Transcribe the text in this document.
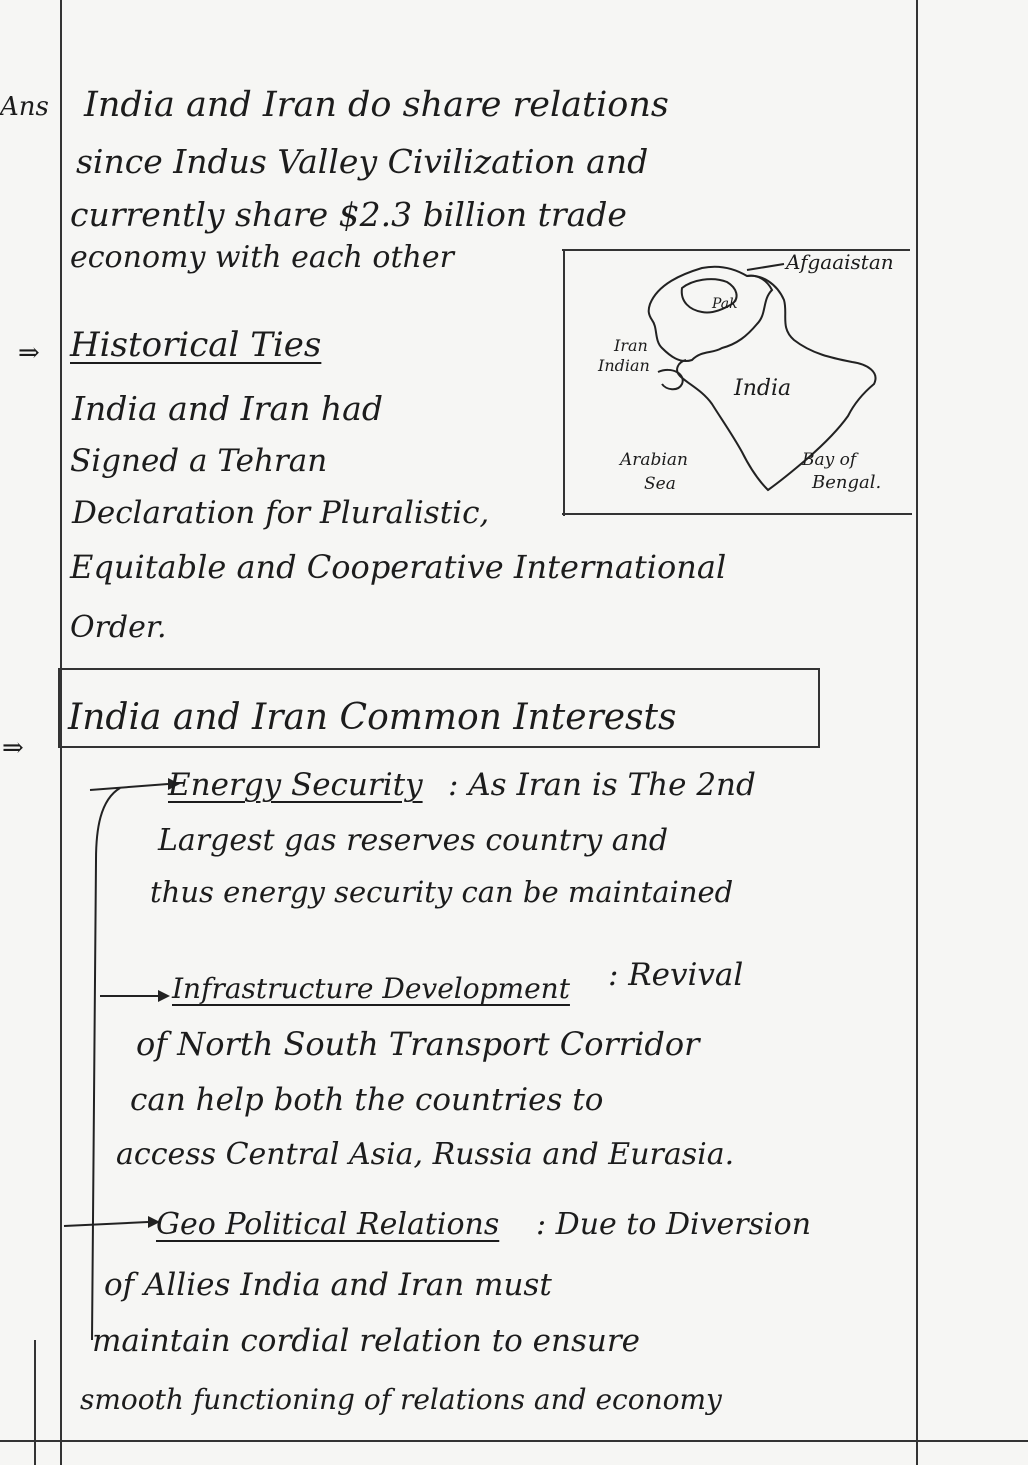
Ans
⇒
⇒
India and Iran do share relations
since Indus Valley Civilization and
currently share $2.3 billion trade
economy with each other
Historical Ties
India and Iran had
Signed a Tehran
Declaration for Pluralistic,
Equitable and Cooperative International
Order.
Afgaaistan
Pak
Iran
Indian
India
Arabian
Sea
Bay of
Bengal.
India and Iran Common Interests
Energy Security : As Iran is The 2nd
Largest gas reserves country and
thus energy security can be maintained
Infrastructure Development : Revival
of North South Transport Corridor
can help both the countries to
access Central Asia, Russia and Eurasia.
Geo Political Relations : Due to Diversion
of Allies India and Iran must
maintain cordial relation to ensure
smooth functioning of relations and economy
